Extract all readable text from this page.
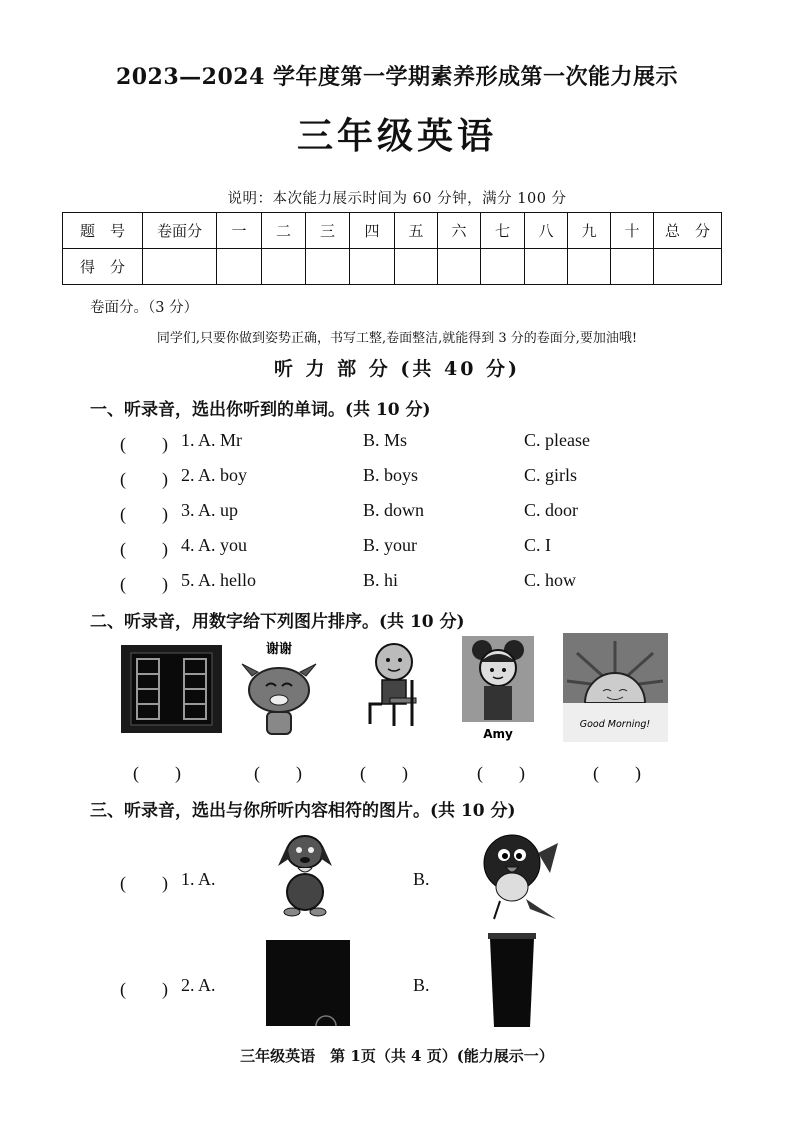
2023—2024 学年度第一学期素养形成第一次能力展示
三年级英语
说明：本次能力展示时间为 60 分钟，满分 100 分
题　号	卷面分	一	二	三	四	五	六	七	八	九	十	总　分
得　分												
卷面分。（3 分）
同学们,只要你做到姿势正确，书写工整,卷面整洁,就能得到 3 分的卷面分,要加油哦!
听 力 部 分 (共 40 分)
一、听录音，选出你听到的单词。(共 10 分)
(　　) 1. A. Mr	B. Ms	C. please
(　　) 2. A. boy	B. boys	C. girls
(　　) 3. A. up	B. down	C. door
(　　) 4. A. you	B. your	C. I
(　　) 5. A. hello	B. hi	C. how
二、听录音，用数字给下列图片排序。(共 10 分)
谢谢
Amy
Good Morning!
(　　)	(　　)	(　　)	(　　)	(　　)
三、听录音，选出与你所听内容相符的图片。(共 10 分)
(　　) 1. A.	B.
(　　) 2. A.	B.
三年级英语　第 1页（共 4 页）(能力展示一）
